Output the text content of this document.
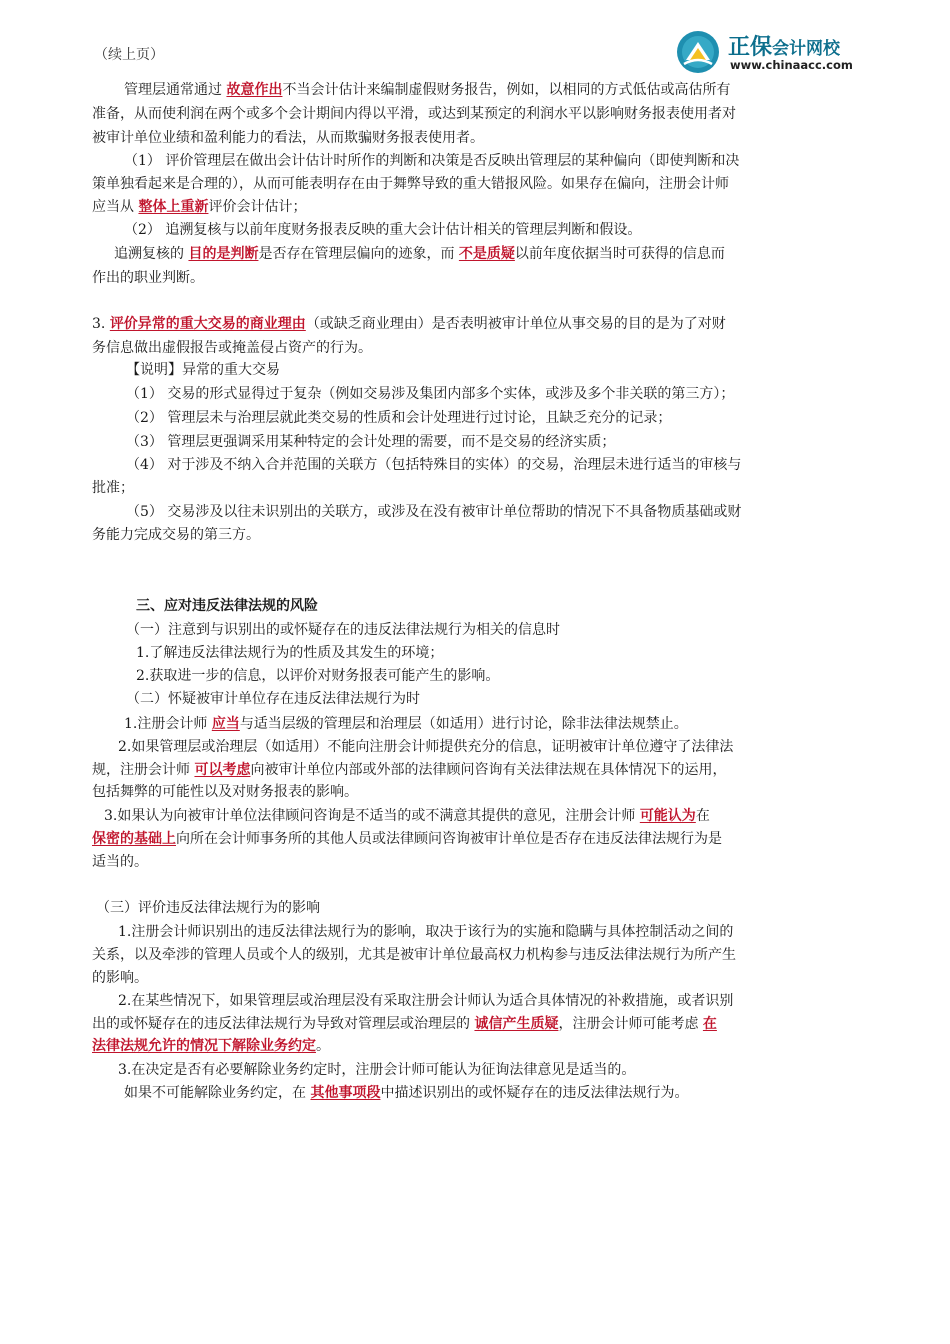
正保会计网校
www.chinaacc.com
（续上页）
管理层通常通过 故意作出不当会计估计来编制虚假财务报告，例如，以相同的方式低估或高估所有
准备，从而使利润在两个或多个会计期间内得以平滑，或达到某预定的利润水平以影响财务报表使用者对
被审计单位业绩和盈利能力的看法，从而欺骗财务报表使用者。
（1） 评价管理层在做出会计估计时所作的判断和决策是否反映出管理层的某种偏向（即使判断和决
策单独看起来是合理的），从而可能表明存在由于舞弊导致的重大错报风险。如果存在偏向，注册会计师
应当从 整体上重新评价会计估计；
（2） 追溯复核与以前年度财务报表反映的重大会计估计相关的管理层判断和假设。
追溯复核的 目的是判断是否存在管理层偏向的迹象，而 不是质疑以前年度依据当时可获得的信息而
作出的职业判断。
3. 评价异常的重大交易的商业理由（或缺乏商业理由）是否表明被审计单位从事交易的目的是为了对财
务信息做出虚假报告或掩盖侵占资产的行为。
【说明】异常的重大交易
（1） 交易的形式显得过于复杂（例如交易涉及集团内部多个实体，或涉及多个非关联的第三方）；
（2） 管理层未与治理层就此类交易的性质和会计处理进行过讨论，且缺乏充分的记录；
（3） 管理层更强调采用某种特定的会计处理的需要，而不是交易的经济实质；
（4） 对于涉及不纳入合并范围的关联方（包括特殊目的实体）的交易，治理层未进行适当的审核与
批准；
（5） 交易涉及以往未识别出的关联方，或涉及在没有被审计单位帮助的情况下不具备物质基础或财
务能力完成交易的第三方。
三、应对违反法律法规的风险
（一）注意到与识别出的或怀疑存在的违反法律法规行为相关的信息时
1.了解违反法律法规行为的性质及其发生的环境；
2.获取进一步的信息，以评价对财务报表可能产生的影响。
（二）怀疑被审计单位存在违反法律法规行为时
1.注册会计师 应当与适当层级的管理层和治理层（如适用）进行讨论，除非法律法规禁止。
2.如果管理层或治理层（如适用）不能向注册会计师提供充分的信息，证明被审计单位遵守了法律法
规，注册会计师 可以考虑向被审计单位内部或外部的法律顾问咨询有关法律法规在具体情况下的运用，
包括舞弊的可能性以及对财务报表的影响。
3.如果认为向被审计单位法律顾问咨询是不适当的或不满意其提供的意见，注册会计师 可能认为在
保密的基础上向所在会计师事务所的其他人员或法律顾问咨询被审计单位是否存在违反法律法规行为是
适当的。
（三）评价违反法律法规行为的影响
1.注册会计师识别出的违反法律法规行为的影响，取决于该行为的实施和隐瞒与具体控制活动之间的
关系，以及牵涉的管理人员或个人的级别，尤其是被审计单位最高权力机构参与违反法律法规行为所产生
的影响。
2.在某些情况下，如果管理层或治理层没有采取注册会计师认为适合具体情况的补救措施，或者识别
出的或怀疑存在的违反法律法规行为导致对管理层或治理层的 诚信产生质疑，注册会计师可能考虑 在
法律法规允许的情况下解除业务约定。
3.在决定是否有必要解除业务约定时，注册会计师可能认为征询法律意见是适当的。
如果不可能解除业务约定，在 其他事项段中描述识别出的或怀疑存在的违反法律法规行为。
